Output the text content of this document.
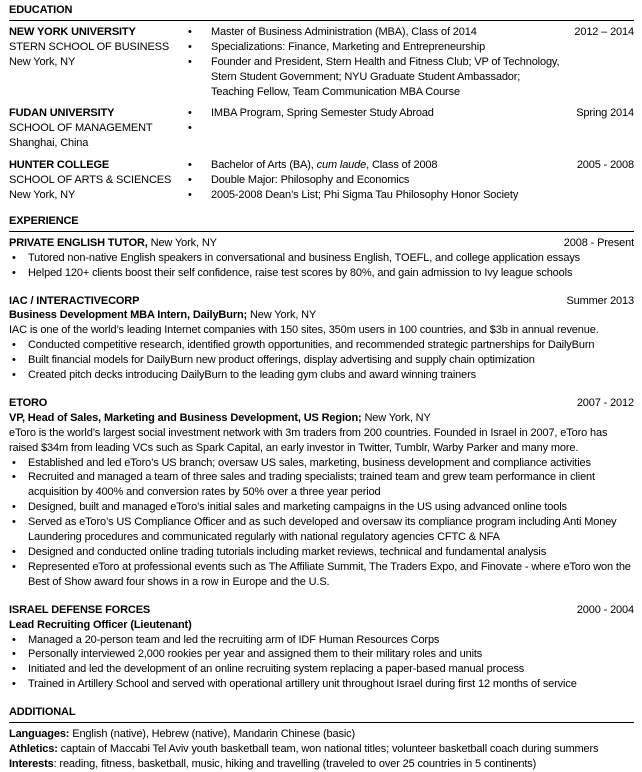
EDUCATION
NEW YORK UNIVERSITY
STERN SCHOOL OF BUSINESS
New York, NY
•	Master of Business Administration (MBA), Class of 2014
•	Specializations: Finance, Marketing and Entrepreneurship
•	Founder and President, Stern Health and Fitness Club; VP of Technology, Stern Student Government; NYU Graduate Student Ambassador; Teaching Fellow, Team Communication MBA Course
2012 – 2014
FUDAN UNIVERSITY
SCHOOL OF MANAGEMENT
Shanghai, China
•	IMBA Program, Spring Semester Study Abroad
•
Spring 2014
HUNTER COLLEGE
SCHOOL OF ARTS & SCIENCES
New York, NY
•	Bachelor of Arts (BA), cum laude, Class of 2008
•	Double Major: Philosophy and Economics
•	2005-2008 Dean’s List; Phi Sigma Tau Philosophy Honor Society
2005 - 2008
EXPERIENCE
PRIVATE ENGLISH TUTOR, New York, NY	2008 - Present
•	Tutored non-native English speakers in conversational and business English, TOEFL, and college application essays
•	Helped 120+ clients boost their self confidence, raise test scores by 80%, and gain admission to Ivy league schools
IAC / INTERACTIVECORP	Summer 2013
Business Development MBA Intern, DailyBurn; New York, NY
IAC is one of the world’s leading Internet companies with 150 sites, 350m users in 100 countries, and $3b in annual revenue.
•	Conducted competitive research, identified growth opportunities, and recommended strategic partnerships for DailyBurn
•	Built financial models for DailyBurn new product offerings, display advertising and supply chain optimization
•	Created pitch decks introducing DailyBurn to the leading gym clubs and award winning trainers
ETORO	2007 - 2012
VP, Head of Sales, Marketing and Business Development, US Region; New York, NY
eToro is the world’s largest social investment network with 3m traders from 200 countries. Founded in Israel in 2007, eToro has raised $34m from leading VCs such as Spark Capital, an early investor in Twitter, Tumblr, Warby Parker and many more.
•	Established and led eToro’s US branch; oversaw US sales, marketing, business development and compliance activities
•	Recruited and managed a team of three sales and trading specialists; trained team and grew team performance in client acquisition by 400% and conversion rates by 50% over a three year period
•	Designed, built and managed eToro’s initial sales and marketing campaigns in the US using advanced online tools
•	Served as eToro’s US Compliance Officer and as such developed and oversaw its compliance program including Anti Money Laundering procedures and communicated regularly with national regulatory agencies CFTC & NFA
•	Designed and conducted online trading tutorials including market reviews, technical and fundamental analysis
•	Represented eToro at professional events such as The Affiliate Summit, The Traders Expo, and Finovate - where eToro won the Best of Show award four shows in a row in Europe and the U.S.
ISRAEL DEFENSE FORCES	2000 - 2004
Lead Recruiting Officer (Lieutenant)
•	Managed a 20-person team and led the recruiting arm of IDF Human Resources Corps
•	Personally interviewed 2,000 rookies per year and assigned them to their military roles and units
•	Initiated and led the development of an online recruiting system replacing a paper-based manual process
•	Trained in Artillery School and served with operational artillery unit throughout Israel during first 12 months of service
ADDITIONAL
Languages: English (native), Hebrew (native), Mandarin Chinese (basic)
Athletics: captain of Maccabi Tel Aviv youth basketball team, won national titles; volunteer basketball coach during summers
Interests: reading, fitness, basketball, music, hiking and travelling (traveled to over 25 countries in 5 continents)
